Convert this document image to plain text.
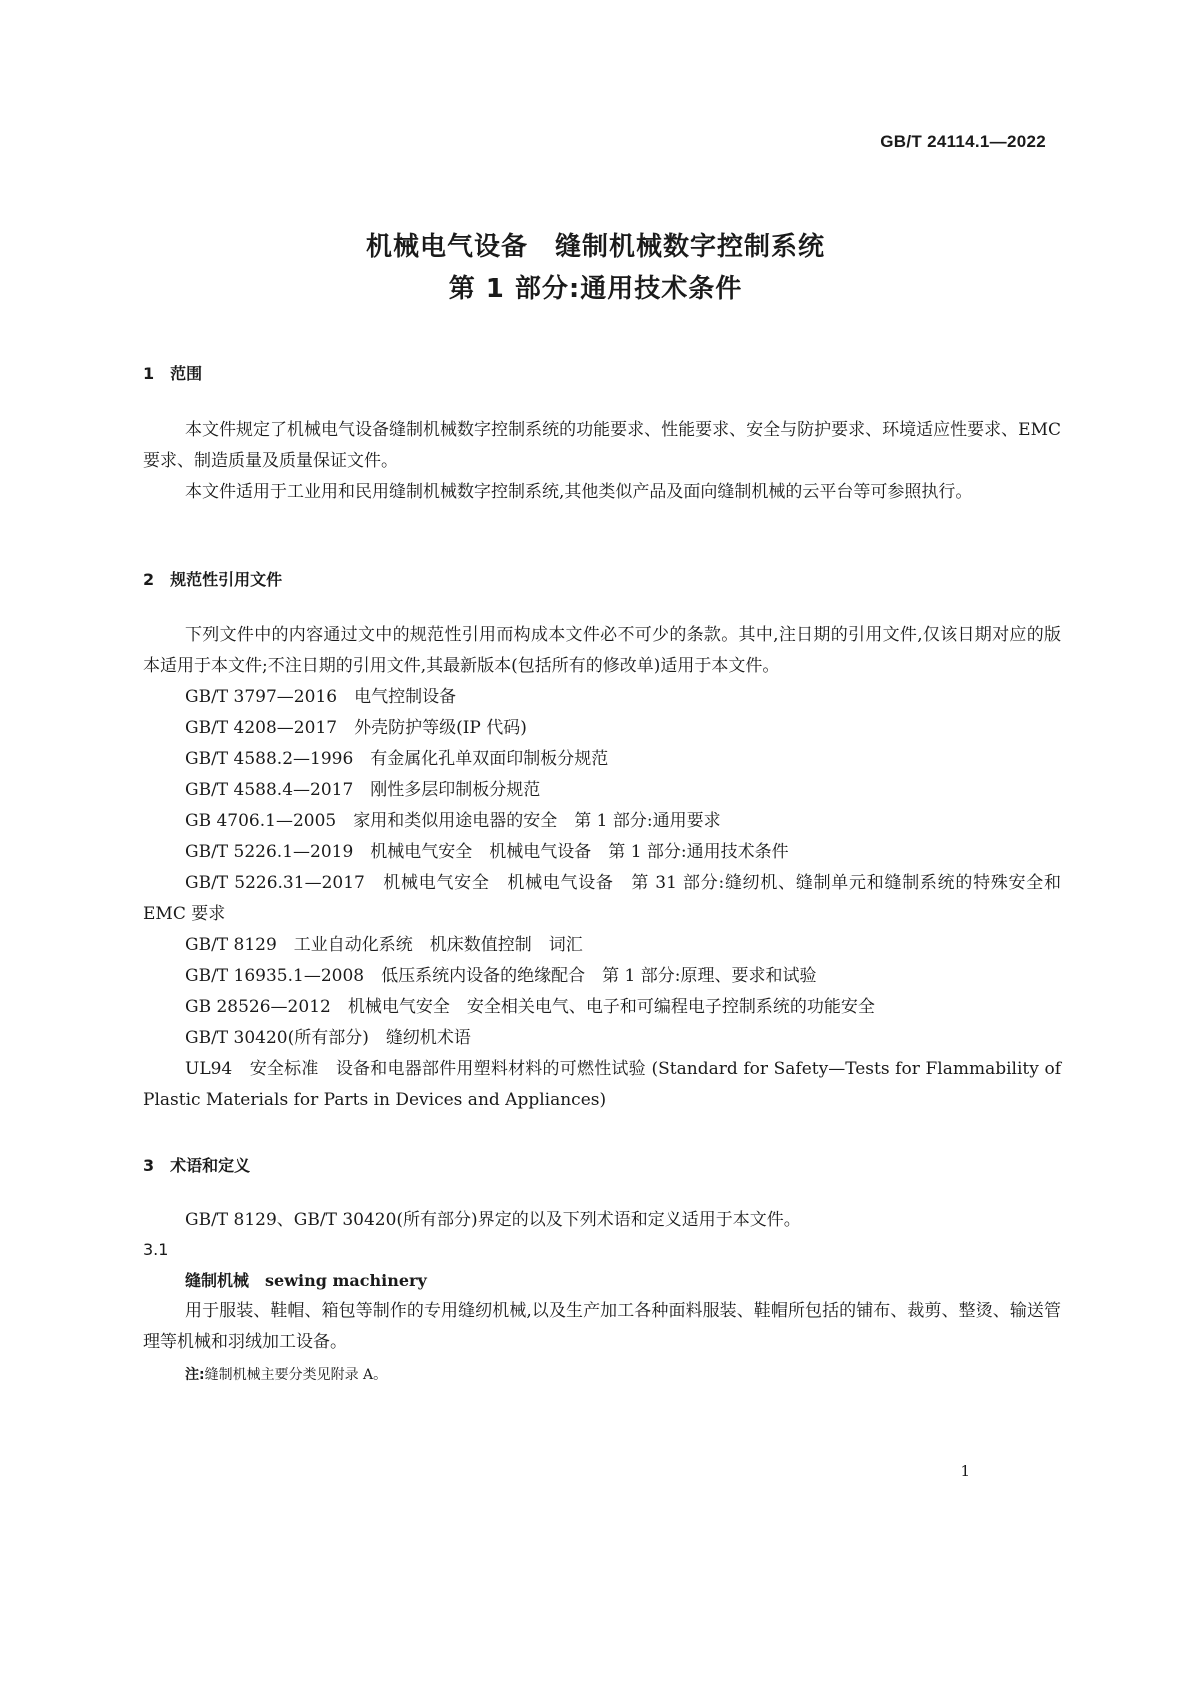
GB/T 24114.1—2022
机械电气设备　缝制机械数字控制系统
第 1 部分:通用技术条件
1　范围

本文件规定了机械电气设备缝制机械数字控制系统的功能要求、性能要求、安全与防护要求、环境适应性要求、EMC 要求、制造质量及质量保证文件。

本文件适用于工业用和民用缝制机械数字控制系统,其他类似产品及面向缝制机械的云平台等可参照执行。

2　规范性引用文件

下列文件中的内容通过文中的规范性引用而构成本文件必不可少的条款。其中,注日期的引用文件,仅该日期对应的版本适用于本文件;不注日期的引用文件,其最新版本(包括所有的修改单)适用于本文件。

GB/T 3797—2016　电气控制设备

GB/T 4208—2017　外壳防护等级(IP 代码)

GB/T 4588.2—1996　有金属化孔单双面印制板分规范

GB/T 4588.4—2017　刚性多层印制板分规范

GB 4706.1—2005　家用和类似用途电器的安全　第 1 部分:通用要求

GB/T 5226.1—2019　机械电气安全　机械电气设备　第 1 部分:通用技术条件

GB/T 5226.31—2017　机械电气安全　机械电气设备　第 31 部分:缝纫机、缝制单元和缝制系统的特殊安全和 EMC 要求

GB/T 8129　工业自动化系统　机床数值控制　词汇

GB/T 16935.1—2008　低压系统内设备的绝缘配合　第 1 部分:原理、要求和试验

GB 28526—2012　机械电气安全　安全相关电气、电子和可编程电子控制系统的功能安全

GB/T 30420(所有部分)　缝纫机术语

UL94　安全标准　设备和电器部件用塑料材料的可燃性试验 (Standard for Safety—Tests for Flammability of Plastic Materials for Parts in Devices and Appliances)

3　术语和定义

GB/T 8129、GB/T 30420(所有部分)界定的以及下列术语和定义适用于本文件。

3.1
缝制机械　 sewing machinery

用于服装、鞋帽、箱包等制作的专用缝纫机械,以及生产加工各种面料服装、鞋帽所包括的铺布、裁剪、整烫、输送管理等机械和羽绒加工设备。

注:缝制机械主要分类见附录 A。
1
